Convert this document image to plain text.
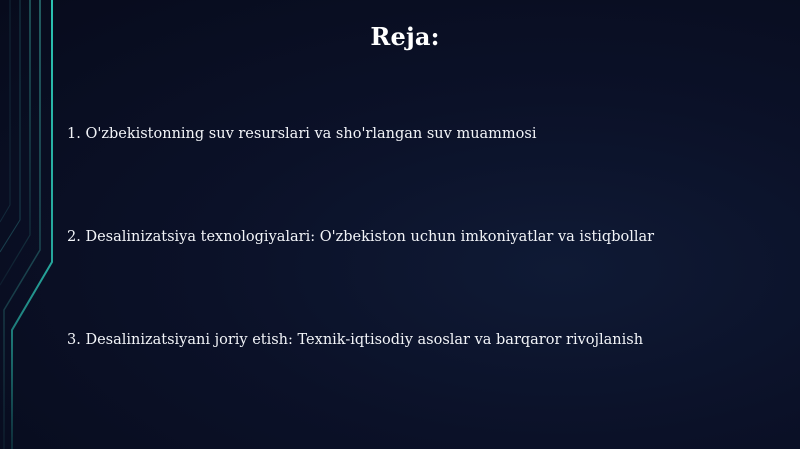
Reja:
1. O'zbekistonning suv resurslari va sho'rlangan suv muammosi
2. Desalinizatsiya texnologiyalari: O'zbekiston uchun imkoniyatlar va istiqbollar
3. Desalinizatsiyani joriy etish: Texnik-iqtisodiy asoslar va barqaror rivojlanish
